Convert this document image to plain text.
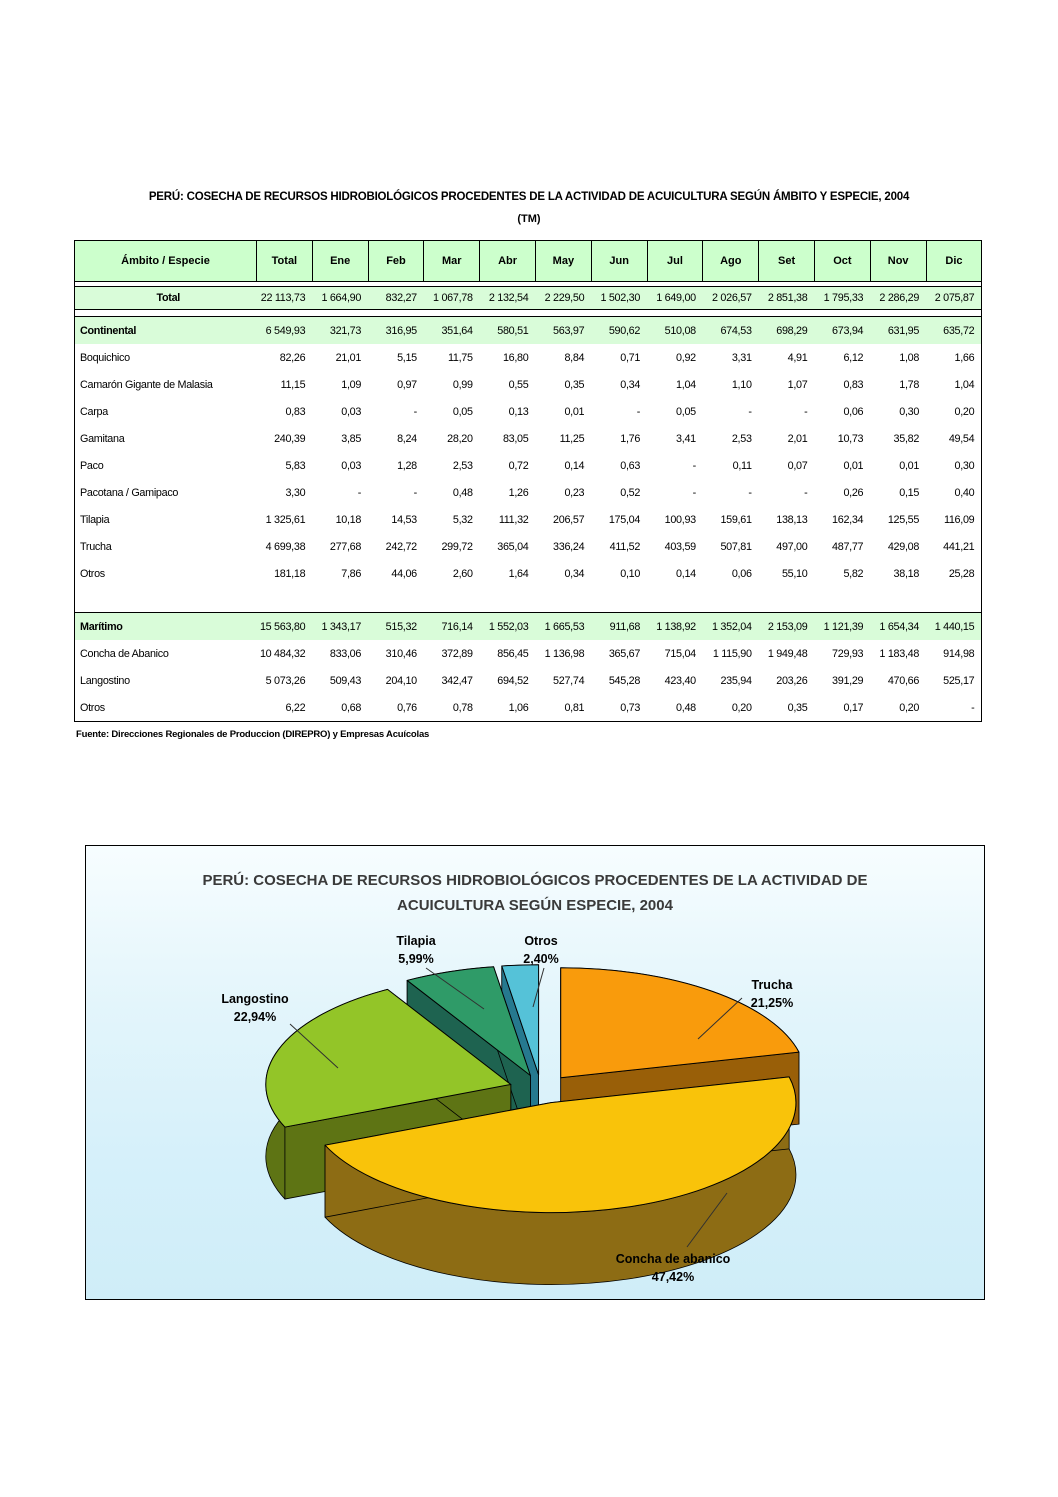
PERÚ: COSECHA DE RECURSOS HIDROBIOLÓGICOS PROCEDENTES DE LA ACTIVIDAD DE ACUICULTURA SEGÚN ÁMBITO Y ESPECIE, 2004
(TM)
Ámbito / Especie	Total	Ene	Feb	Mar	Abr	May	Jun	Jul	Ago	Set	Oct	Nov	Dic

Total	22 113,73	1 664,90	832,27	1 067,78	2 132,54	2 229,50	1 502,30	1 649,00	2 026,57	2 851,38	1 795,33	2 286,29	2 075,87

Continental	6 549,93	321,73	316,95	351,64	580,51	563,97	590,62	510,08	674,53	698,29	673,94	631,95	635,72
Boquichico	82,26	21,01	5,15	11,75	16,80	8,84	0,71	0,92	3,31	4,91	6,12	1,08	1,66
Camarón Gigante de Malasia	11,15	1,09	0,97	0,99	0,55	0,35	0,34	1,04	1,10	1,07	0,83	1,78	1,04
Carpa	0,83	0,03	-	0,05	0,13	0,01	-	0,05	-	-	0,06	0,30	0,20
Gamitana	240,39	3,85	8,24	28,20	83,05	11,25	1,76	3,41	2,53	2,01	10,73	35,82	49,54
Paco	5,83	0,03	1,28	2,53	0,72	0,14	0,63	-	0,11	0,07	0,01	0,01	0,30
Pacotana / Gamipaco	3,30	-	-	0,48	1,26	0,23	0,52	-	-	-	0,26	0,15	0,40
Tilapia	1 325,61	10,18	14,53	5,32	111,32	206,57	175,04	100,93	159,61	138,13	162,34	125,55	116,09
Trucha	4 699,38	277,68	242,72	299,72	365,04	336,24	411,52	403,59	507,81	497,00	487,77	429,08	441,21
Otros	181,18	7,86	44,06	2,60	1,64	0,34	0,10	0,14	0,06	55,10	5,82	38,18	25,28

Marítimo	15 563,80	1 343,17	515,32	716,14	1 552,03	1 665,53	911,68	1 138,92	1 352,04	2 153,09	1 121,39	1 654,34	1 440,15
Concha de Abanico	10 484,32	833,06	310,46	372,89	856,45	1 136,98	365,67	715,04	1 115,90	1 949,48	729,93	1 183,48	914,98
Langostino	5 073,26	509,43	204,10	342,47	694,52	527,74	545,28	423,40	235,94	203,26	391,29	470,66	525,17
Otros	6,22	0,68	0,76	0,78	1,06	0,81	0,73	0,48	0,20	0,35	0,17	0,20	-
Fuente: Direcciones Regionales de Produccion (DIREPRO) y Empresas Acuícolas
PERÚ: COSECHA DE RECURSOS HIDROBIOLÓGICOS PROCEDENTES DE LA ACTIVIDAD DE
ACUICULTURA SEGÚN ESPECIE, 2004
Tilapia
5,99%
Otros
2,40%
Trucha
21,25%
Langostino
22,94%
Concha de abanico
47,42%
